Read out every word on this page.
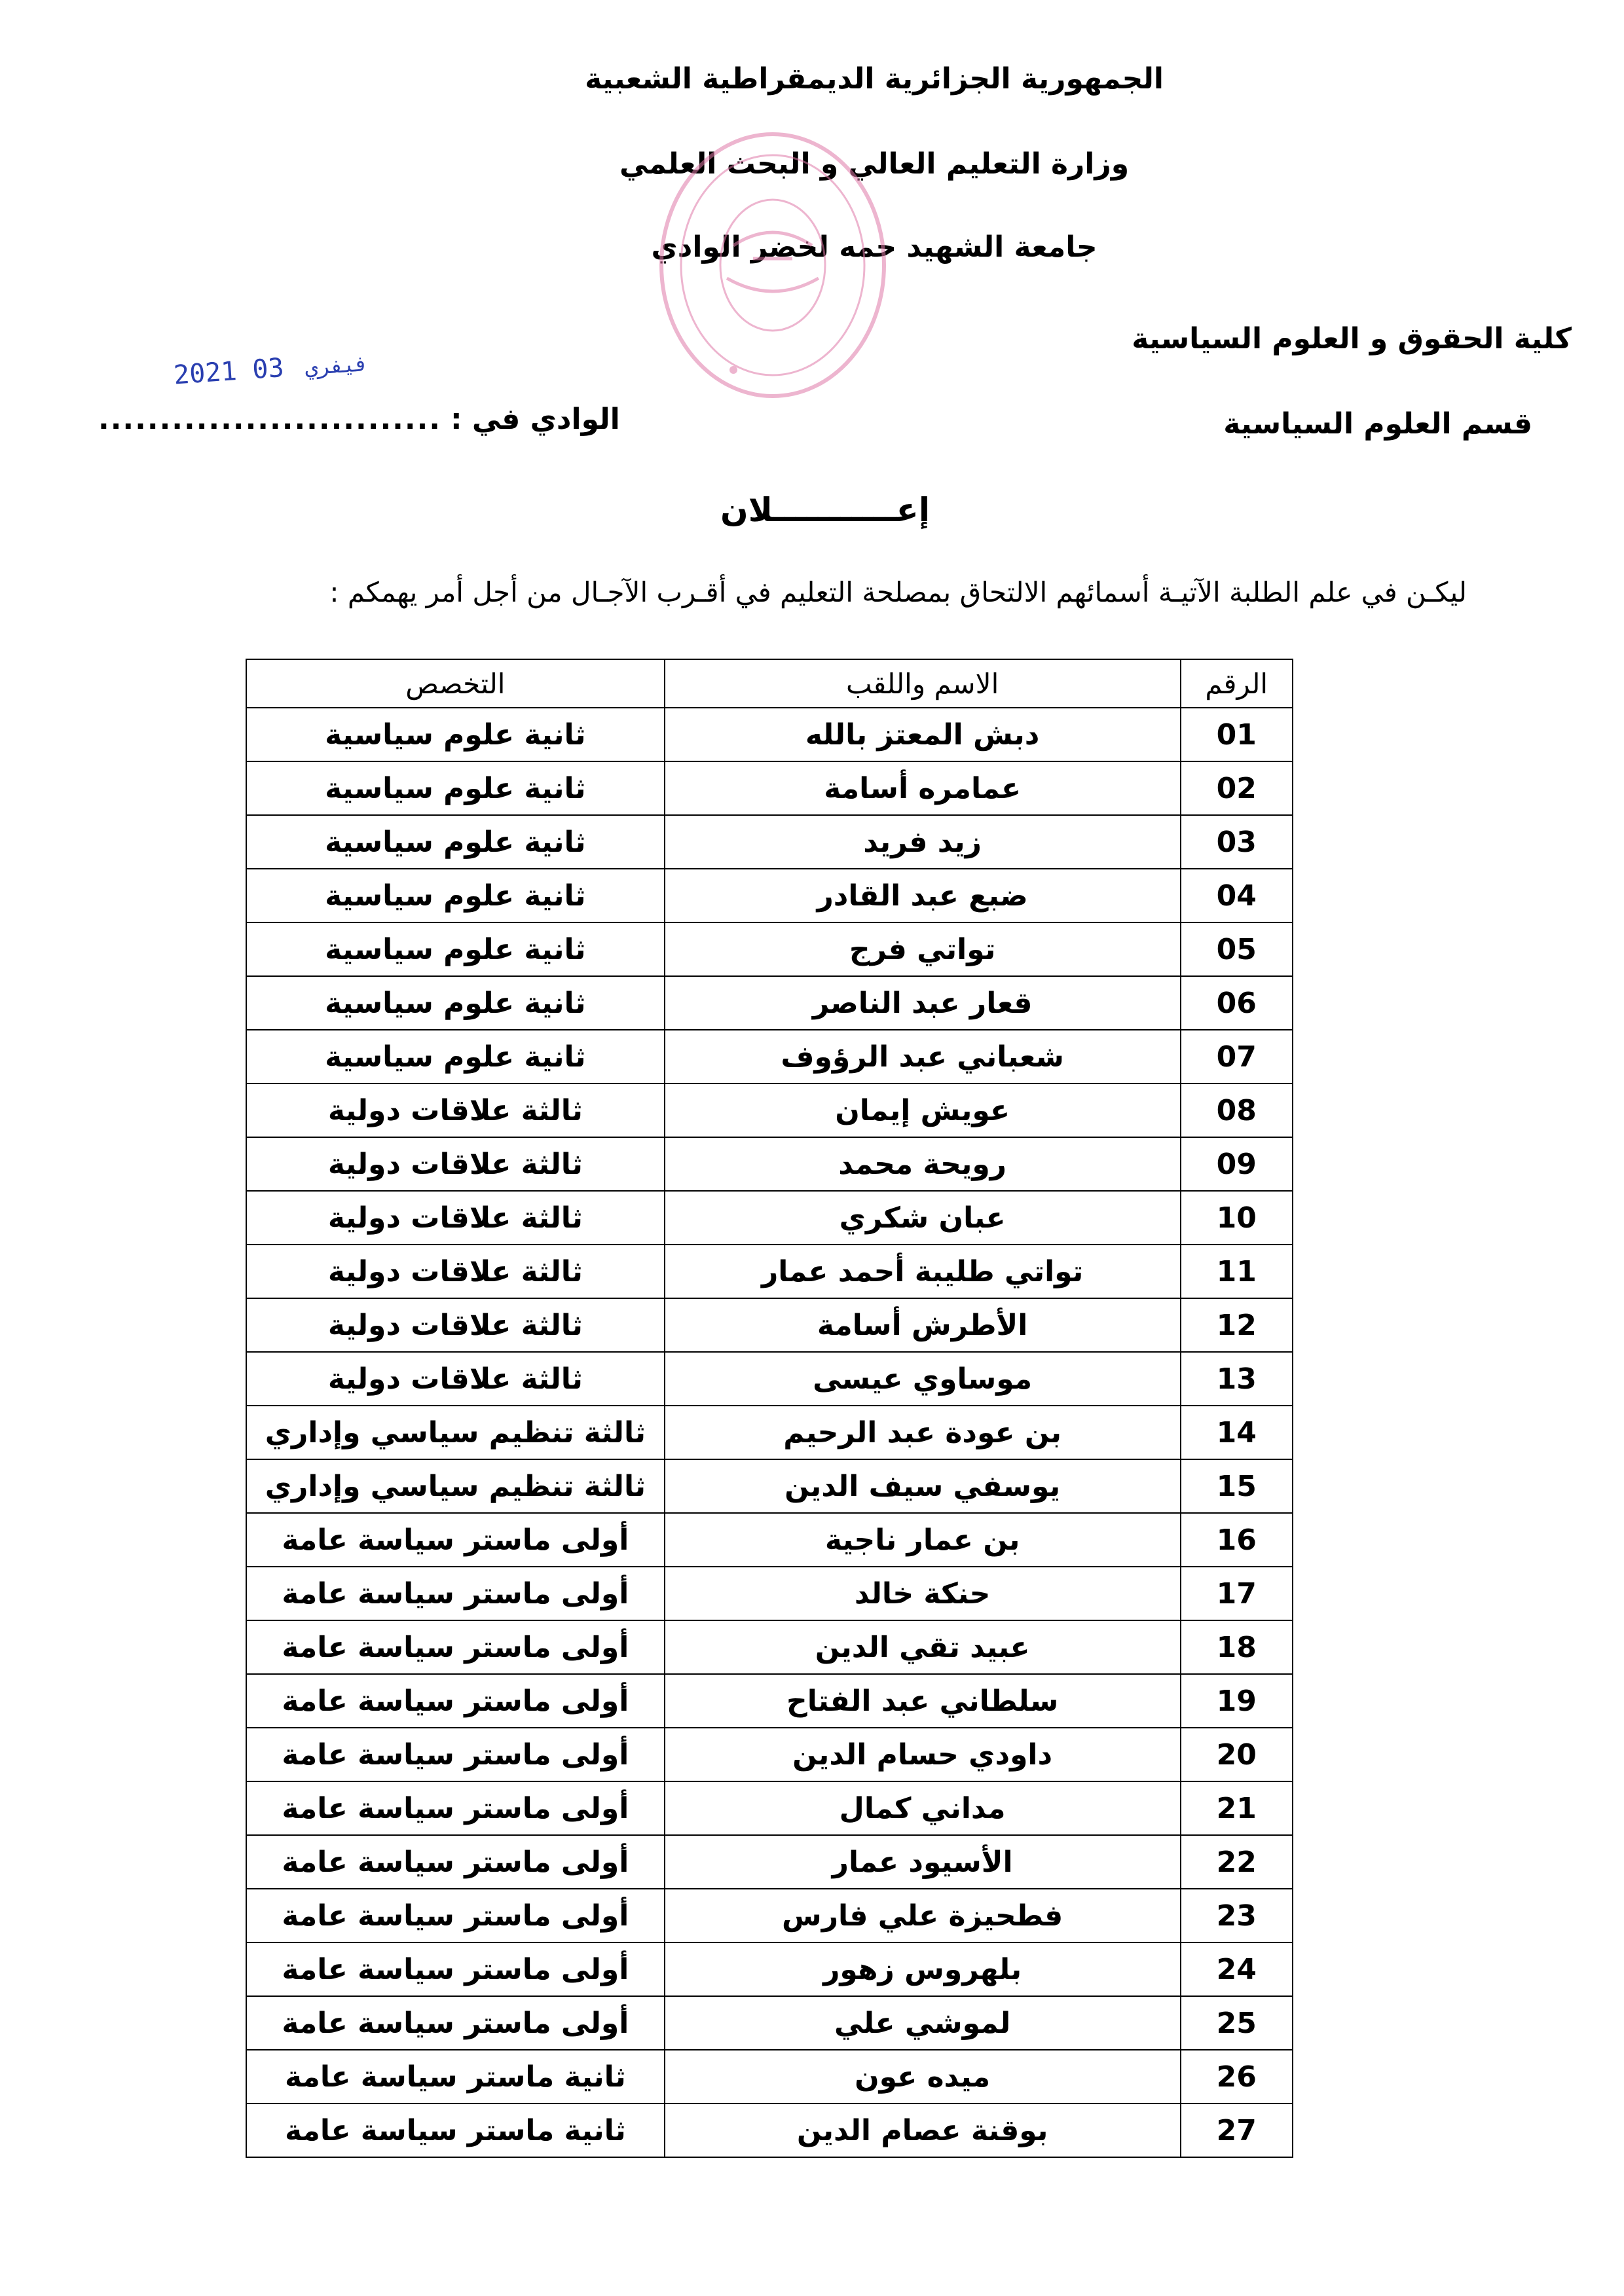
الجمهورية الجزائرية الديمقراطية الشعبية
وزارة التعليم العالي و البحث العلمي
جامعة الشهيد حمه لخضر الوادي
كلية الحقوق و العلوم السياسية
قسم العلوم السياسية
2021	فيفري 03
الوادي في :
............................
إعـــــــــــلان
ليكـن في علم الطلبة الآتيـة أسمائهم الالتحاق بمصلحة التعليم في أقـرب الآجـال من أجل أمر يهمكم :
الرقم	الاسم واللقب	التخصص
01	دبش المعتز بالله	ثانية علوم سياسية
02	عمامره أسامة	ثانية علوم سياسية
03	زيد فريد	ثانية علوم سياسية
04	ضبع عبد القادر	ثانية علوم سياسية
05	تواتي فرج	ثانية علوم سياسية
06	قعار عبد الناصر	ثانية علوم سياسية
07	شعباني عبد الرؤوف	ثانية علوم سياسية
08	عويش إيمان	ثالثة علاقات دولية
09	رويحة محمد	ثالثة علاقات دولية
10	عبان شكري	ثالثة علاقات دولية
11	تواتي طليبة أحمد عمار	ثالثة علاقات دولية
12	الأطرش أسامة	ثالثة علاقات دولية
13	موساوي عيسى	ثالثة علاقات دولية
14	بن عودة عبد الرحيم	ثالثة تنظيم سياسي وإداري
15	يوسفي سيف الدين	ثالثة تنظيم سياسي وإداري
16	بن عمار ناجية	أولى ماستر سياسة عامة
17	حنكة خالد	أولى ماستر سياسة عامة
18	عبيد تقي الدين	أولى ماستر سياسة عامة
19	سلطاني عبد الفتاح	أولى ماستر سياسة عامة
20	داودي حسام الدين	أولى ماستر سياسة عامة
21	مداني كمال	أولى ماستر سياسة عامة
22	الأسيود عمار	أولى ماستر سياسة عامة
23	فطحيزة علي فارس	أولى ماستر سياسة عامة
24	بلهروس زهور	أولى ماستر سياسة عامة
25	لموشي علي	أولى ماستر سياسة عامة
26	ميده عون	ثانية ماستر سياسة عامة
27	بوقنة عصام الدين	ثانية ماستر سياسة عامة
